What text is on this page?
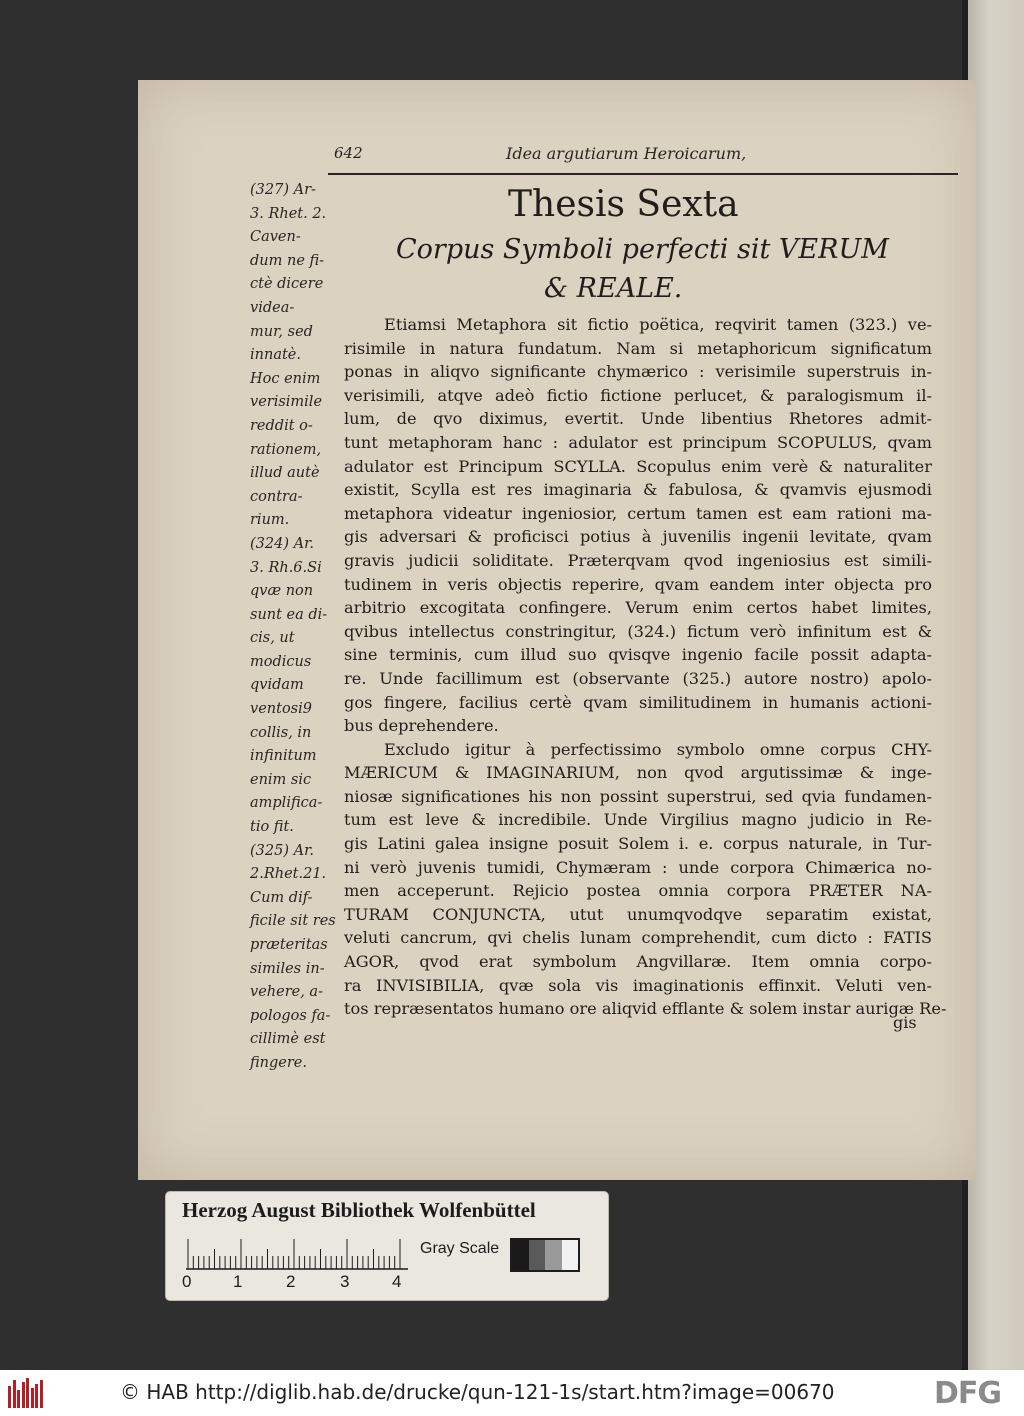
642	Idea argutiarum Heroicarum,
(327) Ar-
3. Rhet. 2.
Caven-
dum ne fi-
ctè dicere
videa-
mur, sed
innatè.
Hoc enim
verisimile
reddit o-
rationem,
illud autè
contra-
rium.
(324) Ar.
3. Rh.6.Si
qvæ non
sunt ea di-
cis, ut
modicus
qvidam
ventosi9
collis, in
infinitum
enim sic
amplifica-
tio fit.
(325) Ar.
2.Rhet.21.
Cum dif-
ficile sit res
præteritas
similes in-
vehere, a-
pologos fa-
cillimè est
fingere.
Thesis Sexta
Corpus Symboli perfecti sit VERUM
& REALE.
Etiamsi Metaphora sit fictio poëtica, reqvirit tamen (323.) ve-
risimile in natura fundatum. Nam si metaphoricum significatum
ponas in aliqvo significante chymærico : verisimile superstruis in-
verisimili, atqve adeò fictio fictione perlucet, & paralogismum il-
lum, de qvo diximus, evertit. Unde libentius Rhetores admit-
tunt metaphoram hanc : adulator est principum SCOPULUS, qvam
adulator est Principum SCYLLA. Scopulus enim verè & naturaliter
existit, Scylla est res imaginaria & fabulosa, & qvamvis ejusmodi
metaphora videatur ingeniosior, certum tamen est eam rationi ma-
gis adversari & proficisci potius à juvenilis ingenii levitate, qvam
gravis judicii soliditate. Præterqvam qvod ingeniosius est simili-
tudinem in veris objectis reperire, qvam eandem inter objecta pro
arbitrio excogitata confingere. Verum enim certos habet limites,
qvibus intellectus constringitur, (324.) fictum verò infinitum est &
sine terminis, cum illud suo qvisqve ingenio facile possit adapta-
re. Unde facillimum est (observante (325.) autore nostro) apolo-
gos fingere, facilius certè qvam similitudinem in humanis actioni-
bus deprehendere.
Excludo igitur à perfectissimo symbolo omne corpus CHY-
MÆRICUM & IMAGINARIUM, non qvod argutissimæ & inge-
niosæ significationes his non possint superstrui, sed qvia fundamen-
tum est leve & incredibile. Unde Virgilius magno judicio in Re-
gis Latini galea insigne posuit Solem i. e. corpus naturale, in Tur-
ni verò juvenis tumidi, Chymæram : unde corpora Chimærica no-
men acceperunt. Rejicio postea omnia corpora PRÆTER NA-
TURAM CONJUNCTA, utut unumqvodqve separatim existat,
veluti cancrum, qvi chelis lunam comprehendit, cum dicto : FATIS
AGOR, qvod erat symbolum Angvillaræ. Item omnia corpo-
ra INVISIBILIA, qvæ sola vis imaginationis effinxit. Veluti ven-
tos repræsentatos humano ore aliqvid efflante & solem instar aurigæ Re-
gis
Herzog August Bibliothek Wolfenbüttel
0 1	2	3	4
Gray Scale
© HAB http://diglib.hab.de/drucke/qun-121-1s/start.htm?image=00670	DFG
